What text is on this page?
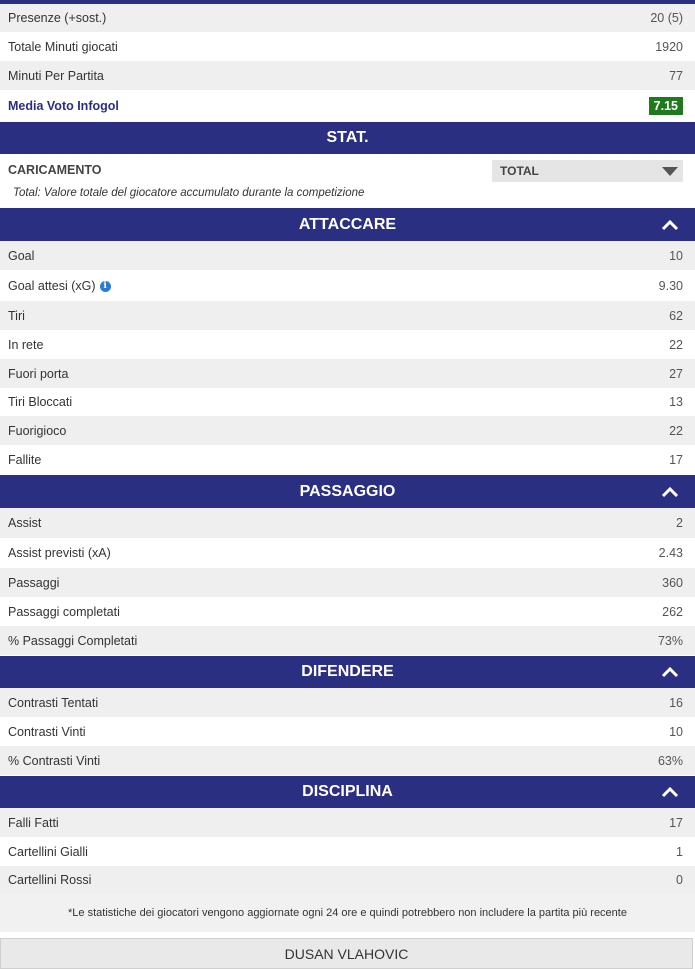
Presenze (+sost.)	20 (5)
Totale Minuti giocati	1920
Minuti Per Partita	77
Media Voto Infogol	7.15
STAT.
CARICAMENTO	TOTAL
Total: Valore totale del giocatore accumulato durante la competizione
ATTACCARE
Goal	10
Goal attesi (xG) i	9.30
Tiri	62
In rete	22
Fuori porta	27
Tiri Bloccati	13
Fuorigioco	22
Fallite	17
PASSAGGIO
Assist	2
Assist previsti (xA)	2.43
Passaggi	360
Passaggi completati	262
% Passaggi Completati	73%
DIFENDERE
Contrasti Tentati	16
Contrasti Vinti	10
% Contrasti Vinti	63%
DISCIPLINA
Falli Fatti	17
Cartellini Gialli	1
Cartellini Rossi	0
*Le statistiche dei giocatori vengono aggiornate ogni 24 ore e quindi potrebbero non includere la partita più recente
DUSAN VLAHOVIC
